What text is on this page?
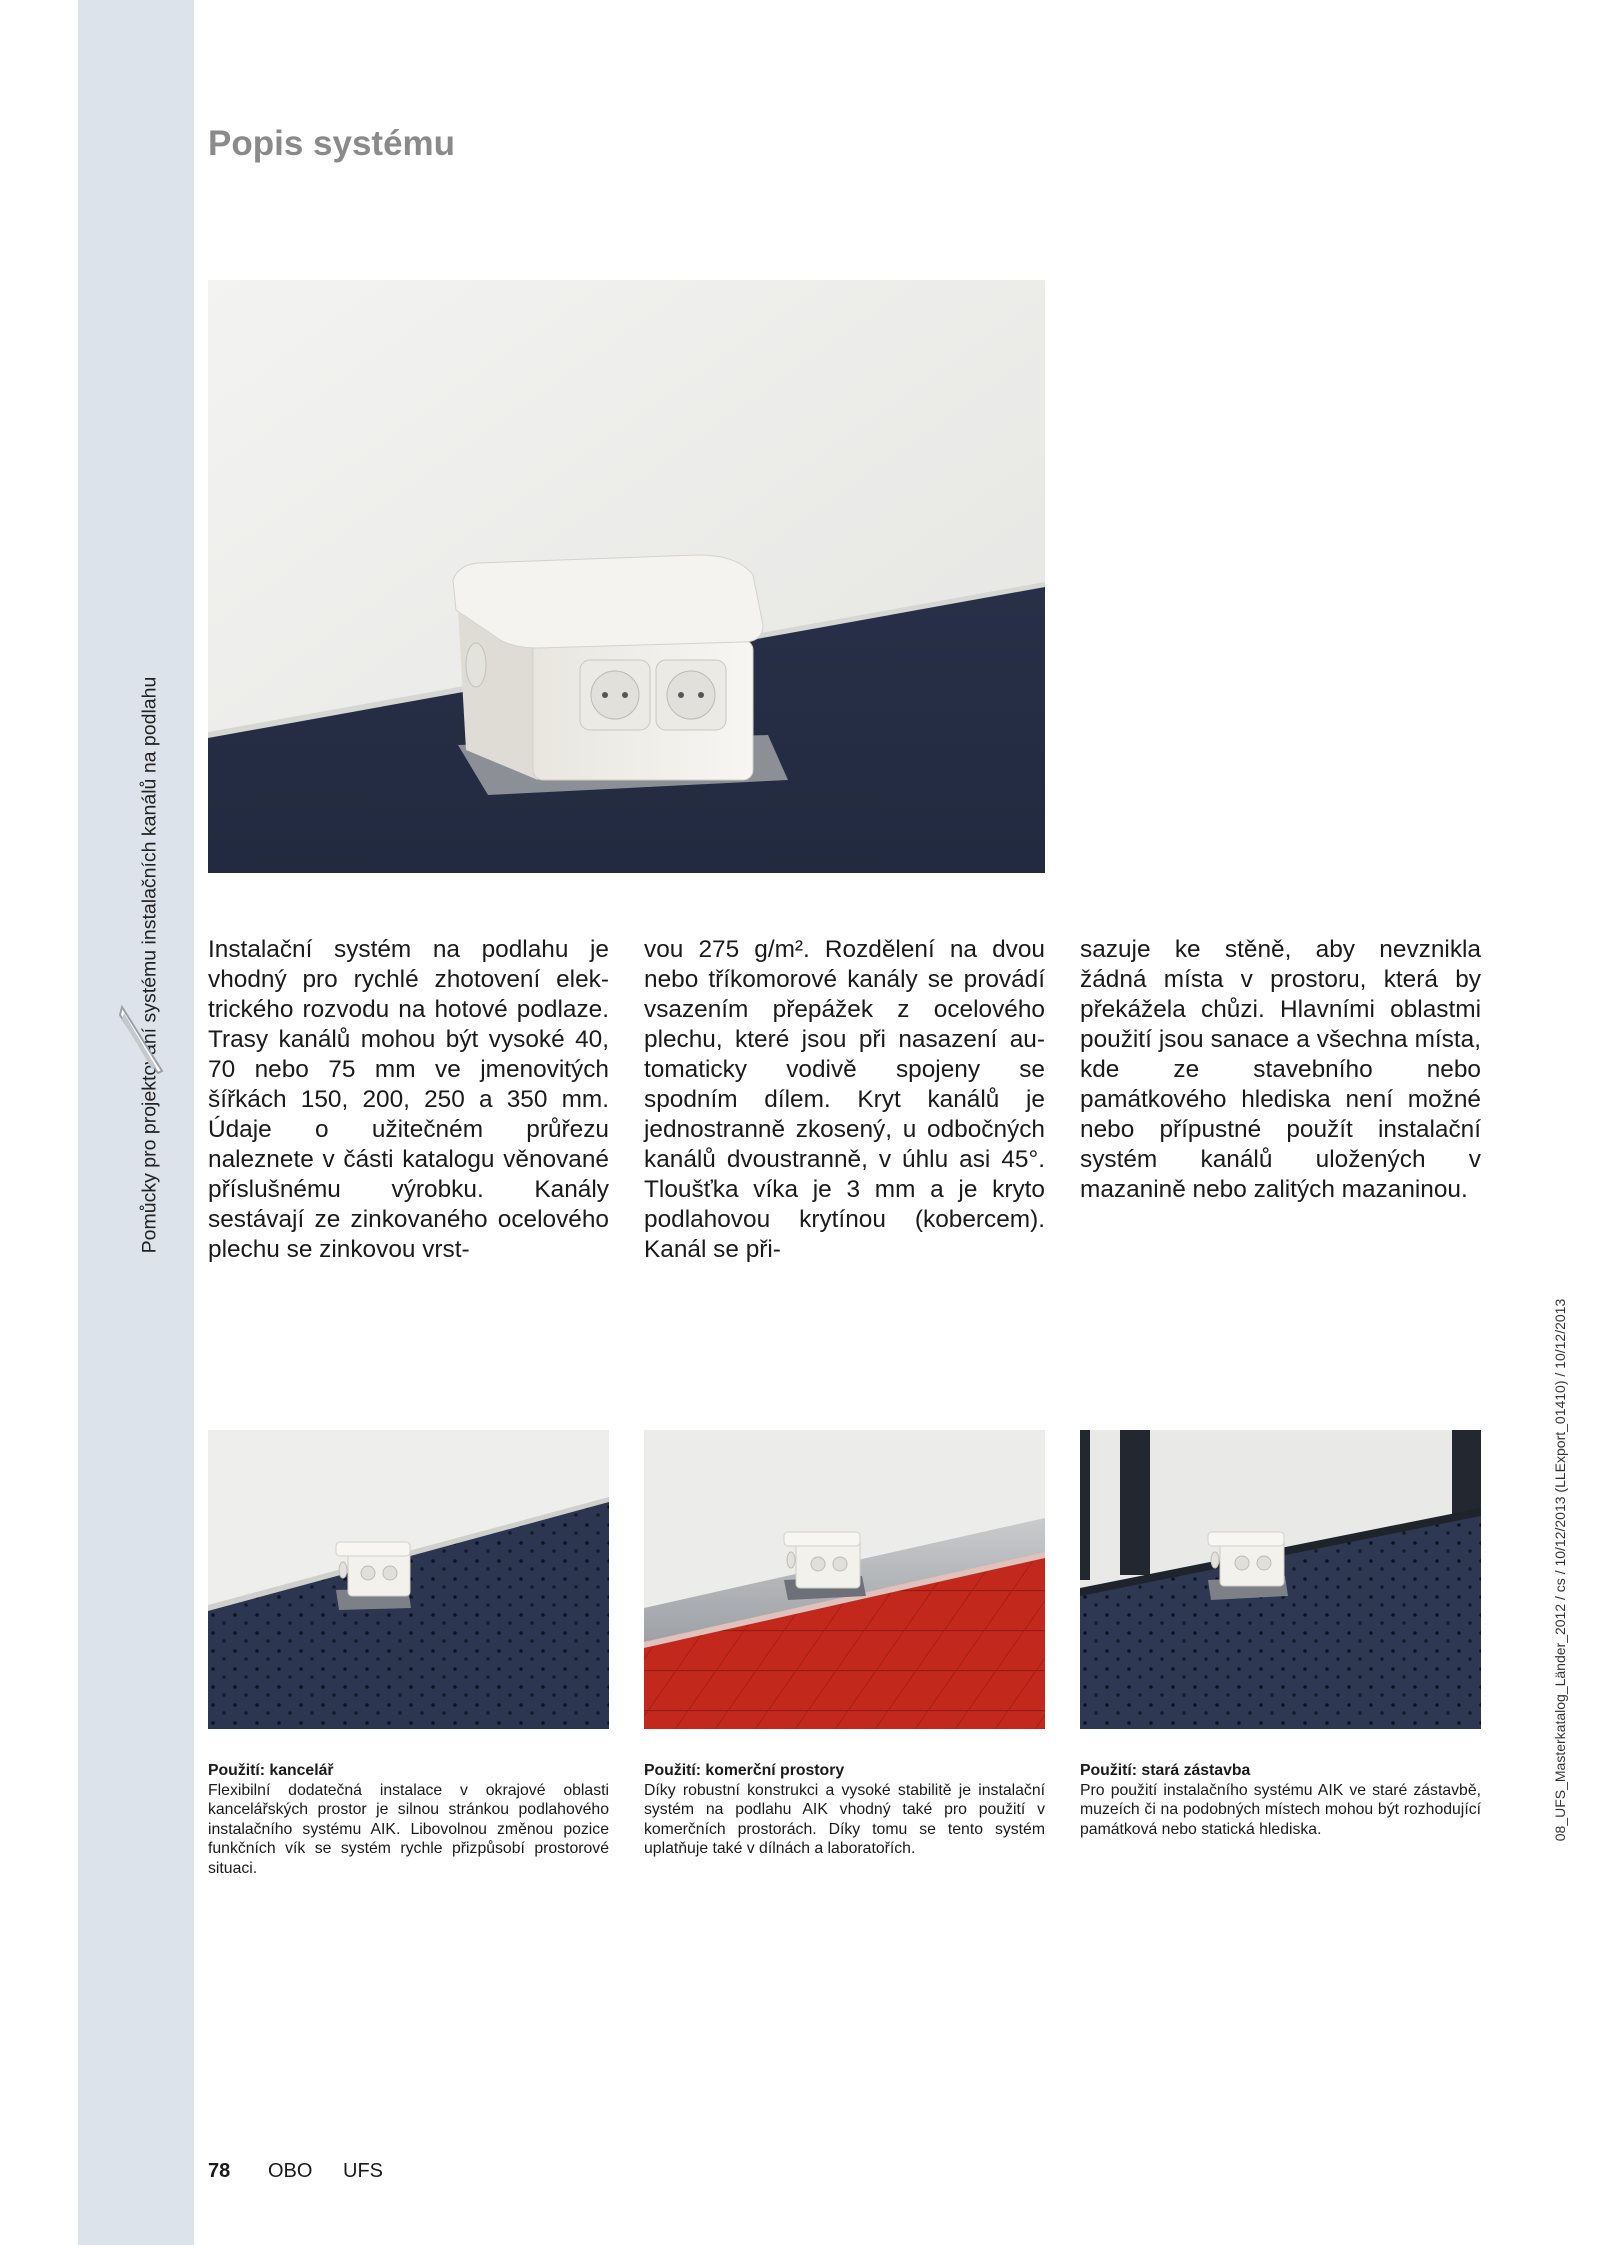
Pomůcky pro projektování systému instalačních kanálů na podlahu
Popis systému

Instalační systém na podlahu je vhodný pro rychlé zhotovení elektrického rozvodu na hotové podlaze. Trasy kanálů mohou být vysoké 40, 70 nebo 75 mm ve jmenovitých šířkách 150, 200, 250 a 350 mm. Údaje o užitečném průřezu naleznete v části katalogu věnované příslušnému výrobku. Kanály sestávají ze zinkovaného ocelového plechu se zinkovou vrst-

vou 275 g/m². Rozdělení na dvou nebo tříkomorové kanály se provádí vsazením přepážek z ocelového plechu, které jsou při nasazení automaticky vodivě spojeny se spodním dílem. Kryt kanálů je jednostranně zkosený, u odbočných kanálů dvoustranně, v úhlu asi 45°. Tloušťka víka je 3 mm a je kryto podlahovou krytínou (kobercem). Kanál se při-

sazuje ke stěně, aby nevznikla žádná místa v prostoru, která by překážela chůzi. Hlavními oblastmi použití jsou sanace a všechna místa, kde ze stavebního nebo památkového hlediska není možné nebo přípustné použít instalační systém kanálů uložených v mazanině nebo zalitých mazaninou.

Použití: kancelář
Flexibilní dodatečná instalace v okrajové oblasti kancelářských prostor je silnou stránkou podlahového instalačního systému AIK. Libovolnou změnou pozice funkčních vík se systém rychle přizpůsobí prostorové situaci.
Použití: komerční prostory
Díky robustní konstrukci a vysoké stabilitě je instalační systém na podlahu AIK vhodný také pro použití v komerčních prostorách. Díky tomu se tento systém uplatňuje také v dílnách a laboratořích.
Použití: stará zástavba
Pro použití instalačního systému AIK ve staré zástavbě, muzeích či na podobných místech mohou být rozhodující památková nebo statická hlediska.	08_UFS_Masterkatalog_Länder_2012 / cs / 10/12/2013 (LLExport_01410) / 10/12/2013
78 OBO UFS
